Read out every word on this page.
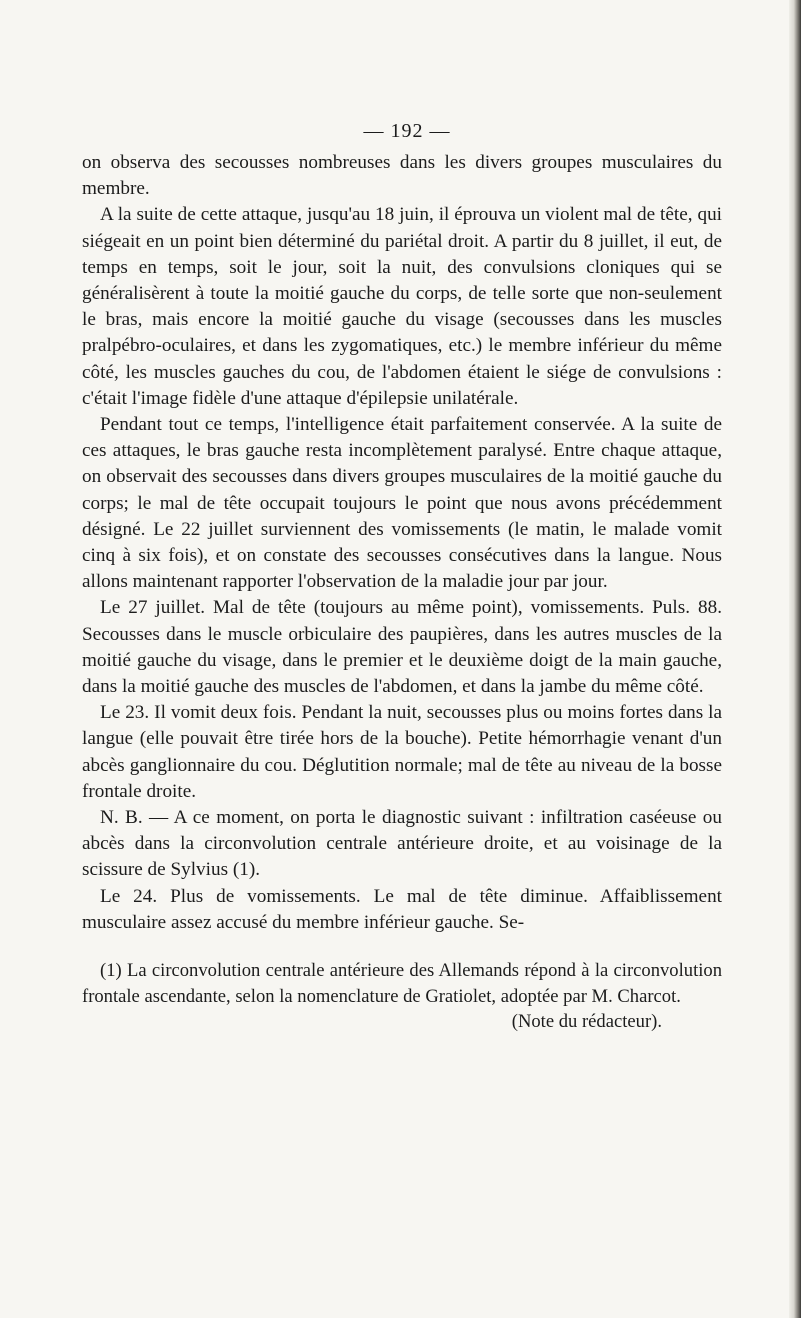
— 192 —

on observa des secousses nombreuses dans les divers groupes musculaires du membre.

A la suite de cette attaque, jusqu'au 18 juin, il éprouva un violent mal de tête, qui siégeait en un point bien déterminé du pariétal droit. A partir du 8 juillet, il eut, de temps en temps, soit le jour, soit la nuit, des convulsions cloniques qui se généralisèrent à toute la moitié gauche du corps, de telle sorte que non-seulement le bras, mais encore la moitié gauche du visage (secousses dans les muscles pralpébro-oculaires, et dans les zygomatiques, etc.) le membre inférieur du même côté, les muscles gauches du cou, de l'abdomen étaient le siége de convulsions : c'était l'image fidèle d'une attaque d'épilepsie unilatérale.

Pendant tout ce temps, l'intelligence était parfaitement conservée. A la suite de ces attaques, le bras gauche resta incomplètement paralysé. Entre chaque attaque, on observait des secousses dans divers groupes musculaires de la moitié gauche du corps; le mal de tête occupait toujours le point que nous avons précédemment désigné. Le 22 juillet surviennent des vomissements (le matin, le malade vomit cinq à six fois), et on constate des secousses consécutives dans la langue. Nous allons maintenant rapporter l'observation de la maladie jour par jour.

Le 27 juillet. Mal de tête (toujours au même point), vomissements. Puls. 88. Secousses dans le muscle orbiculaire des paupières, dans les autres muscles de la moitié gauche du visage, dans le premier et le deuxième doigt de la main gauche, dans la moitié gauche des muscles de l'abdomen, et dans la jambe du même côté.

Le 23. Il vomit deux fois. Pendant la nuit, secousses plus ou moins fortes dans la langue (elle pouvait être tirée hors de la bouche). Petite hémorrhagie venant d'un abcès ganglionnaire du cou. Déglutition normale; mal de tête au niveau de la bosse frontale droite.

N. B. — A ce moment, on porta le diagnostic suivant : infiltration caséeuse ou abcès dans la circonvolution centrale antérieure droite, et au voisinage de la scissure de Sylvius (1).

Le 24. Plus de vomissements. Le mal de tête diminue. Affaiblissement musculaire assez accusé du membre inférieur gauche. Se-

(1) La circonvolution centrale antérieure des Allemands répond à la circonvolution frontale ascendante, selon la nomenclature de Gratiolet, adoptée par M. Charcot.

(Note du rédacteur).
